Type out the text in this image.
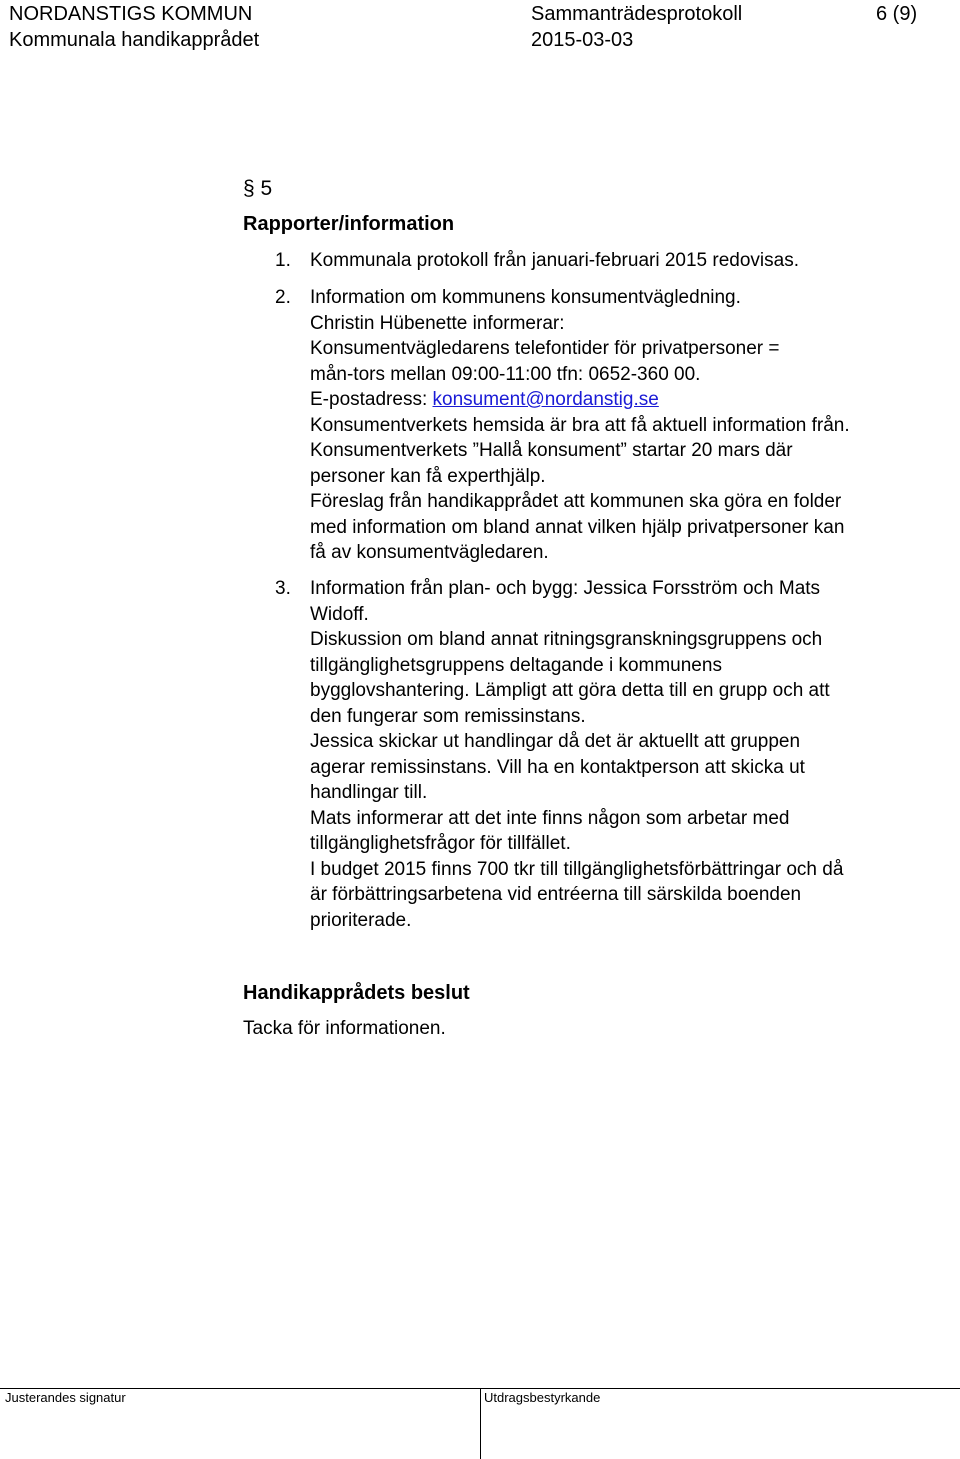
NORDANSTIGS KOMMUN
Kommunala handikapprådet
Sammanträdesprotokoll
2015-03-03
6 (9)
§ 5
Rapporter/information
1. Kommunala protokoll från januari-februari 2015 redovisas.
2. Information om kommunens konsumentvägledning.
Christin Hübenette informerar:
Konsumentvägledarens telefontider för privatpersoner =
mån-tors mellan 09:00-11:00 tfn: 0652-360 00.
E-postadress: konsument@nordanstig.se
Konsumentverkets hemsida är bra att få aktuell information från.
Konsumentverkets ”Hallå konsument” startar 20 mars där
personer kan få experthjälp.
Föreslag från handikapprådet att kommunen ska göra en folder
med information om bland annat vilken hjälp privatpersoner kan
få av konsumentvägledaren.
3. Information från plan- och bygg: Jessica Forsström och Mats
Widoff.
Diskussion om bland annat ritningsgranskningsgruppens och
tillgänglighetsgruppens deltagande i kommunens
bygglovshantering. Lämpligt att göra detta till en grupp och att
den fungerar som remissinstans.
Jessica skickar ut handlingar då det är aktuellt att gruppen
agerar remissinstans. Vill ha en kontaktperson att skicka ut
handlingar till.
Mats informerar att det inte finns någon som arbetar med
tillgänglighetsfrågor för tillfället.
I budget 2015 finns 700 tkr till tillgänglighetsförbättringar och då
är förbättringsarbetena vid entréerna till särskilda boenden
prioriterade.
Handikapprådets beslut
Tacka för informationen.
Justerandes signatur	Utdragsbestyrkande
